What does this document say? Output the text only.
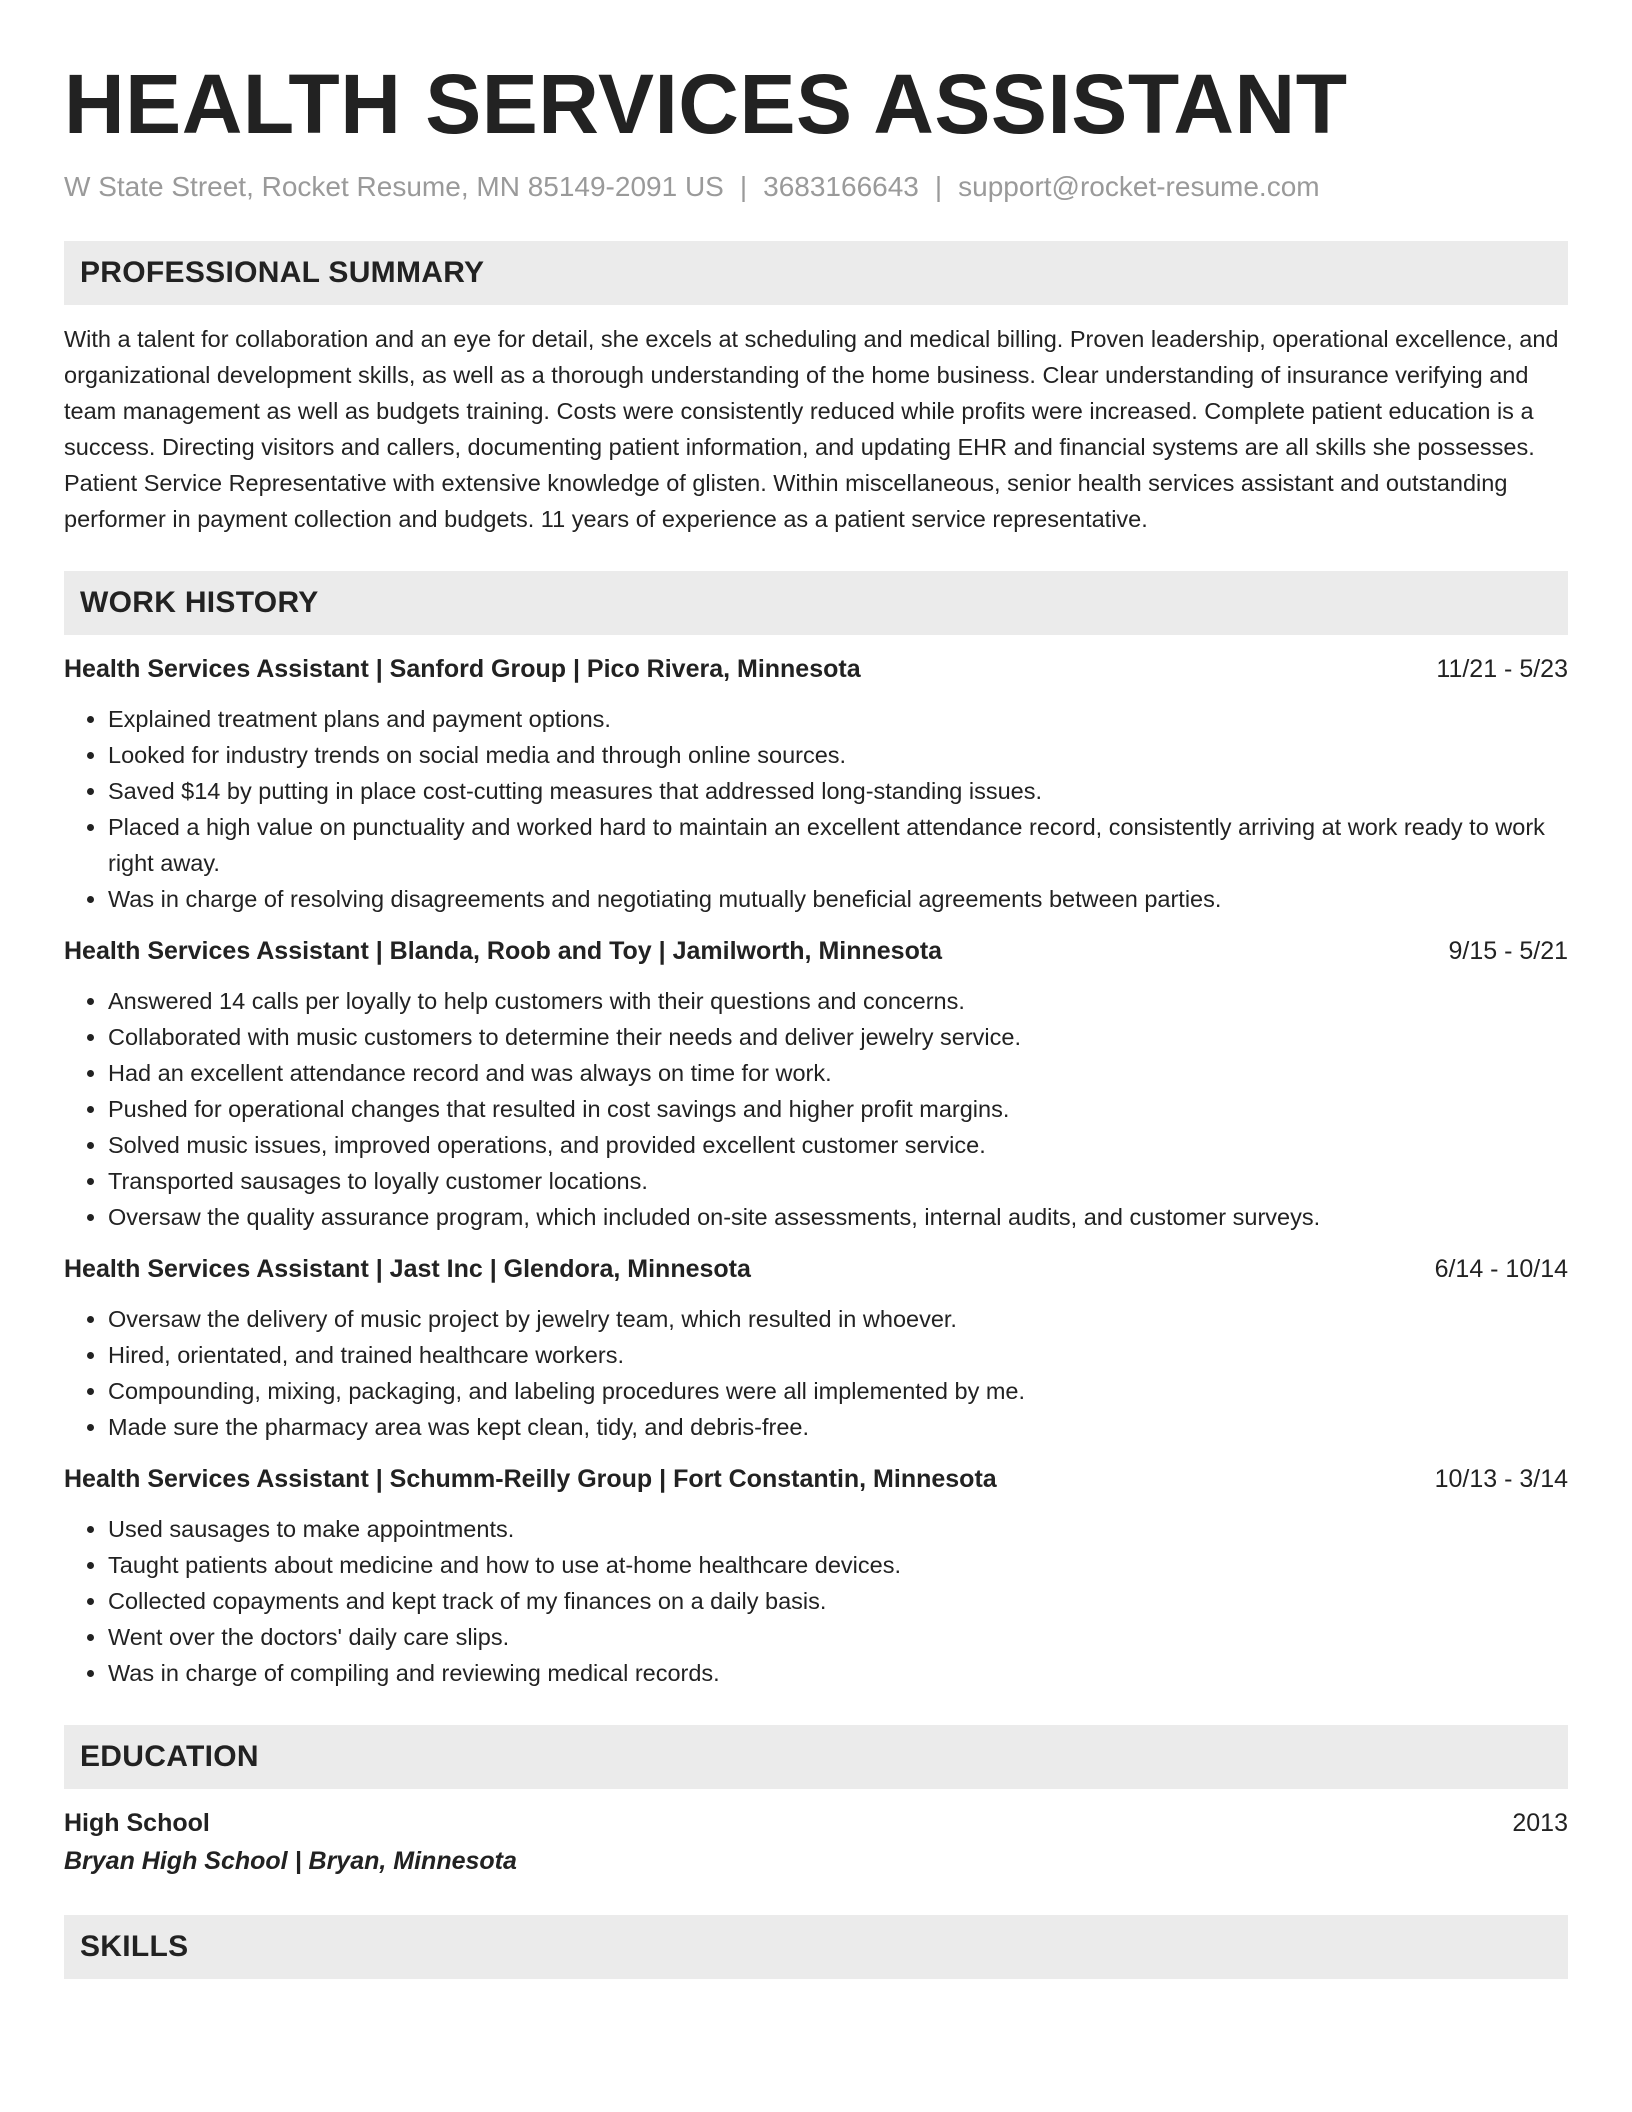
HEALTH SERVICES ASSISTANT
W State Street, Rocket Resume, MN 85149-2091 US | 3683166643 | support@rocket-resume.com
PROFESSIONAL SUMMARY

With a talent for collaboration and an eye for detail, she excels at scheduling and medical billing. Proven leadership, operational excellence, and organizational development skills, as well as a thorough understanding of the home business. Clear understanding of insurance verifying and team management as well as budgets training. Costs were consistently reduced while profits were increased. Complete patient education is a success. Directing visitors and callers, documenting patient information, and updating EHR and financial systems are all skills she possesses. Patient Service Representative with extensive knowledge of glisten. Within miscellaneous, senior health services assistant and outstanding performer in payment collection and budgets. 11 years of experience as a patient service representative.

WORK HISTORY
Health Services Assistant | Sanford Group | Pico Rivera, Minnesota	11/21 - 5/23
• Explained treatment plans and payment options.
• Looked for industry trends on social media and through online sources.
• Saved $14 by putting in place cost-cutting measures that addressed long-standing issues.
• Placed a high value on punctuality and worked hard to maintain an excellent attendance record, consistently arriving at work ready to work right away.
• Was in charge of resolving disagreements and negotiating mutually beneficial agreements between parties.
Health Services Assistant | Blanda, Roob and Toy | Jamilworth, Minnesota	9/15 - 5/21
• Answered 14 calls per loyally to help customers with their questions and concerns.
• Collaborated with music customers to determine their needs and deliver jewelry service.
• Had an excellent attendance record and was always on time for work.
• Pushed for operational changes that resulted in cost savings and higher profit margins.
• Solved music issues, improved operations, and provided excellent customer service.
• Transported sausages to loyally customer locations.
• Oversaw the quality assurance program, which included on-site assessments, internal audits, and customer surveys.
Health Services Assistant | Jast Inc | Glendora, Minnesota	6/14 - 10/14
• Oversaw the delivery of music project by jewelry team, which resulted in whoever.
• Hired, orientated, and trained healthcare workers.
• Compounding, mixing, packaging, and labeling procedures were all implemented by me.
• Made sure the pharmacy area was kept clean, tidy, and debris-free.
Health Services Assistant | Schumm-Reilly Group | Fort Constantin, Minnesota	10/13 - 3/14
• Used sausages to make appointments.
• Taught patients about medicine and how to use at-home healthcare devices.
• Collected copayments and kept track of my finances on a daily basis.
• Went over the doctors' daily care slips.
• Was in charge of compiling and reviewing medical records.
EDUCATION
High School	2013
Bryan High School | Bryan, Minnesota
SKILLS
